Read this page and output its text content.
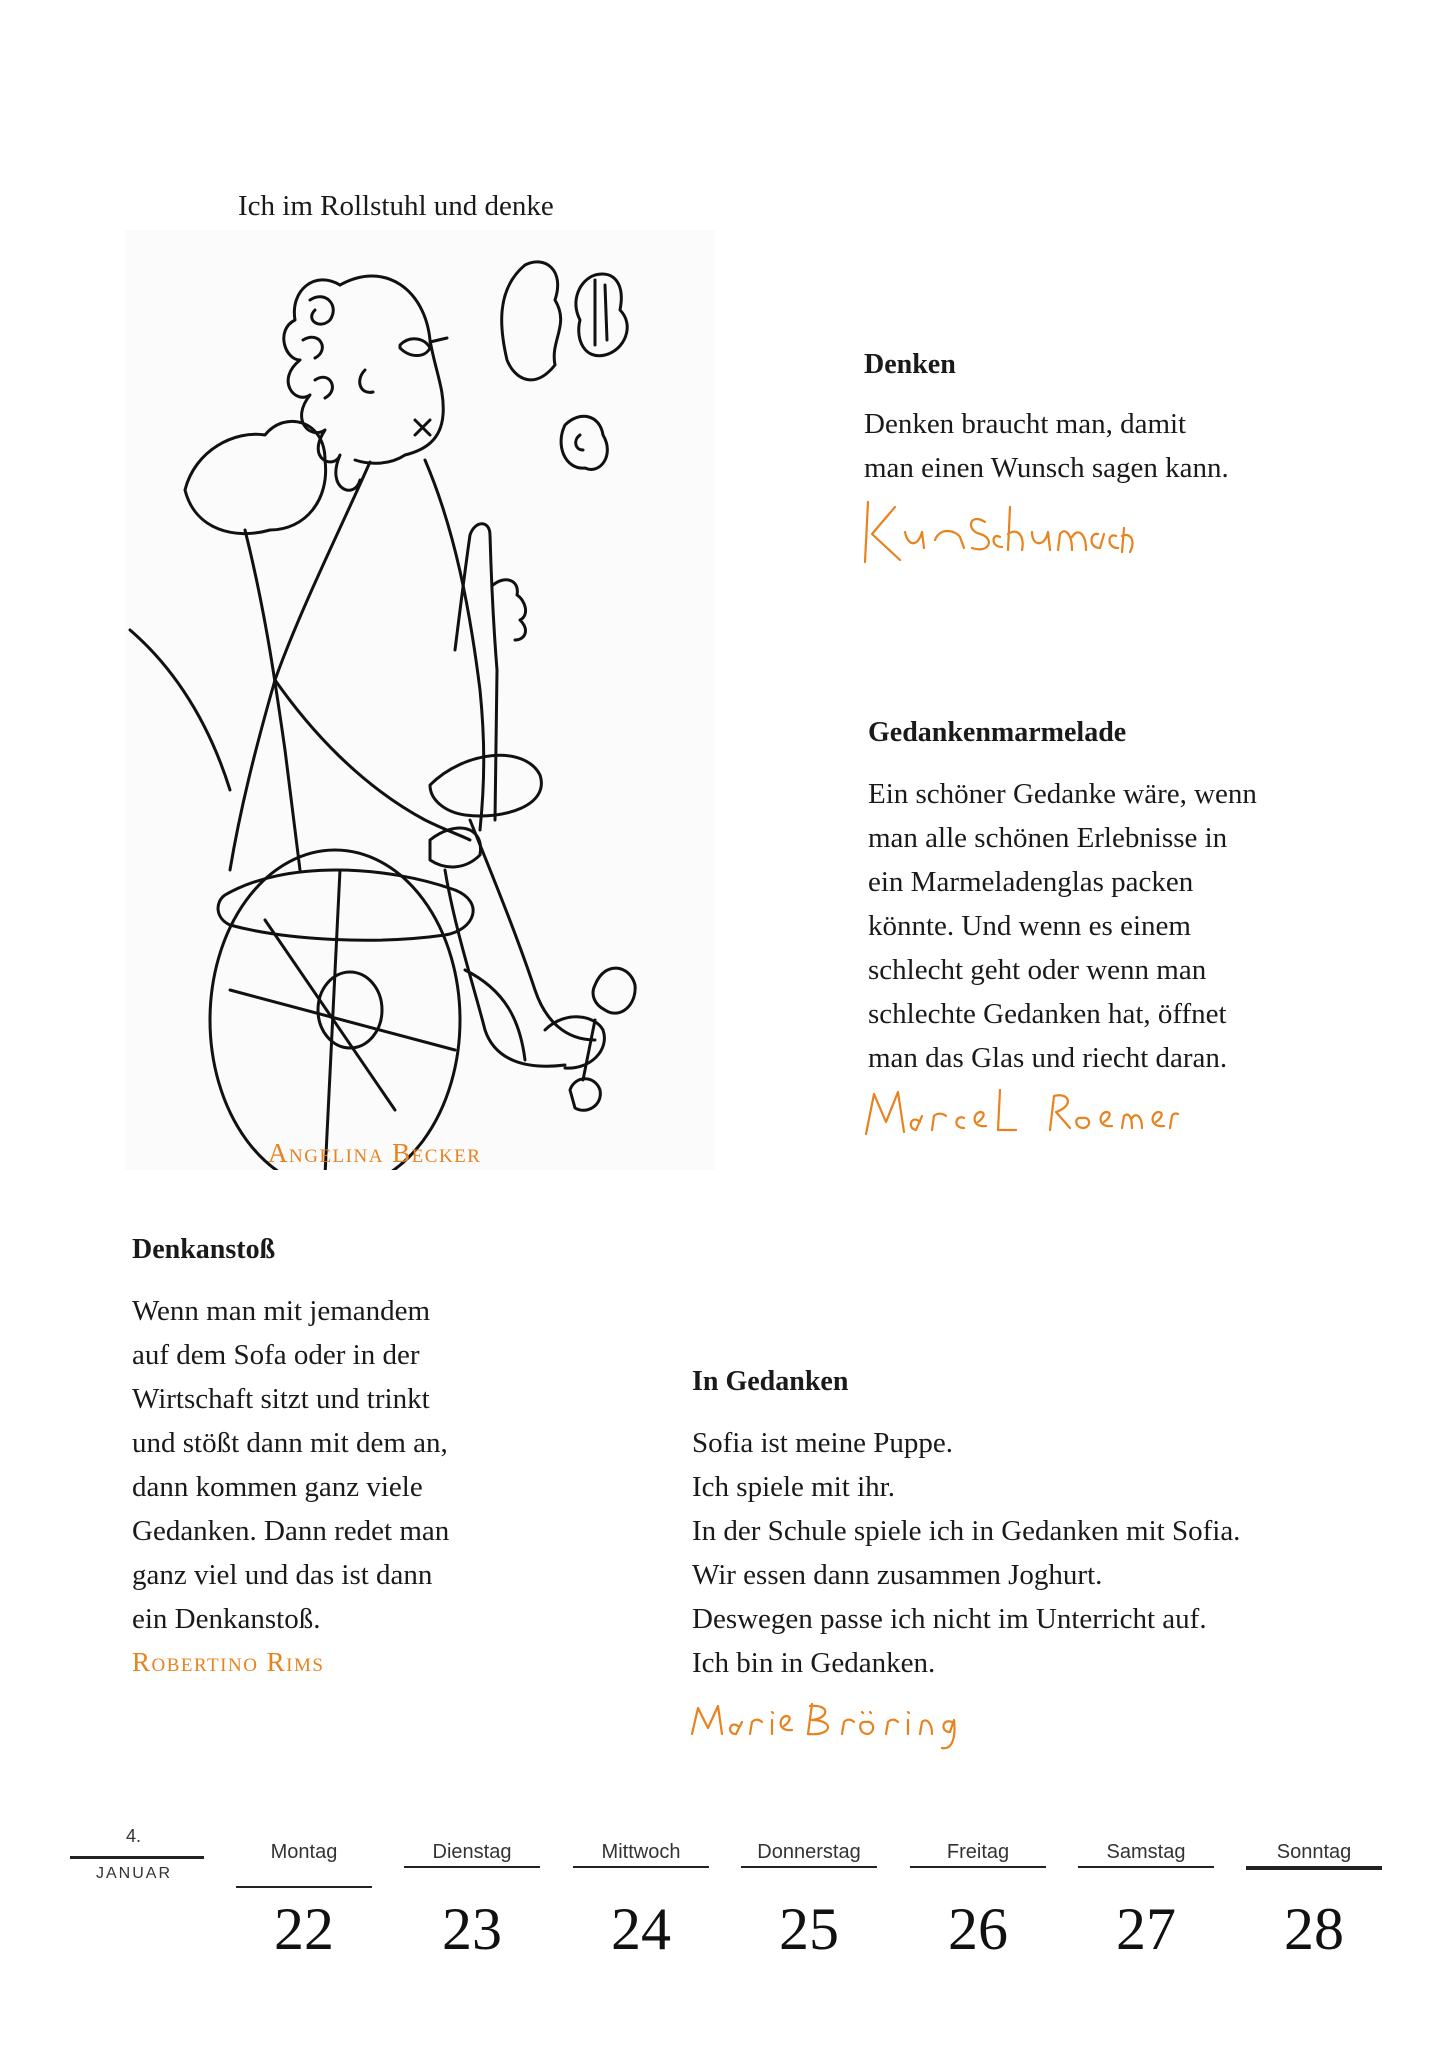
Ich im Rollstuhl und denke
Angelina Becker
Denken
Denken braucht man, damit
man einen Wunsch sagen kann.
Gedankenmarmelade
Ein schöner Gedanke wäre, wenn
man alle schönen Erlebnisse in
ein Marmeladenglas packen
könnte. Und wenn es einem
schlecht geht oder wenn man
schlechte Gedanken hat, öffnet
man das Glas und riecht daran.
Denkanstoß
Wenn man mit jemandem
auf dem Sofa oder in der
Wirtschaft sitzt und trinkt
und stößt dann mit dem an,
dann kommen ganz viele
Gedanken. Dann redet man
ganz viel und das ist dann
ein Denkanstoß.
Robertino Rims
In Gedanken
Sofia ist meine Puppe.
Ich spiele mit ihr.
In der Schule spiele ich in Gedanken mit Sofia.
Wir essen dann zusammen Joghurt.
Deswegen passe ich nicht im Unterricht auf.
Ich bin in Gedanken.
4.
JANUAR
Montag
22
Dienstag
23
Mittwoch
24
Donnerstag
25
Freitag
26
Samstag
27
Sonntag
28
